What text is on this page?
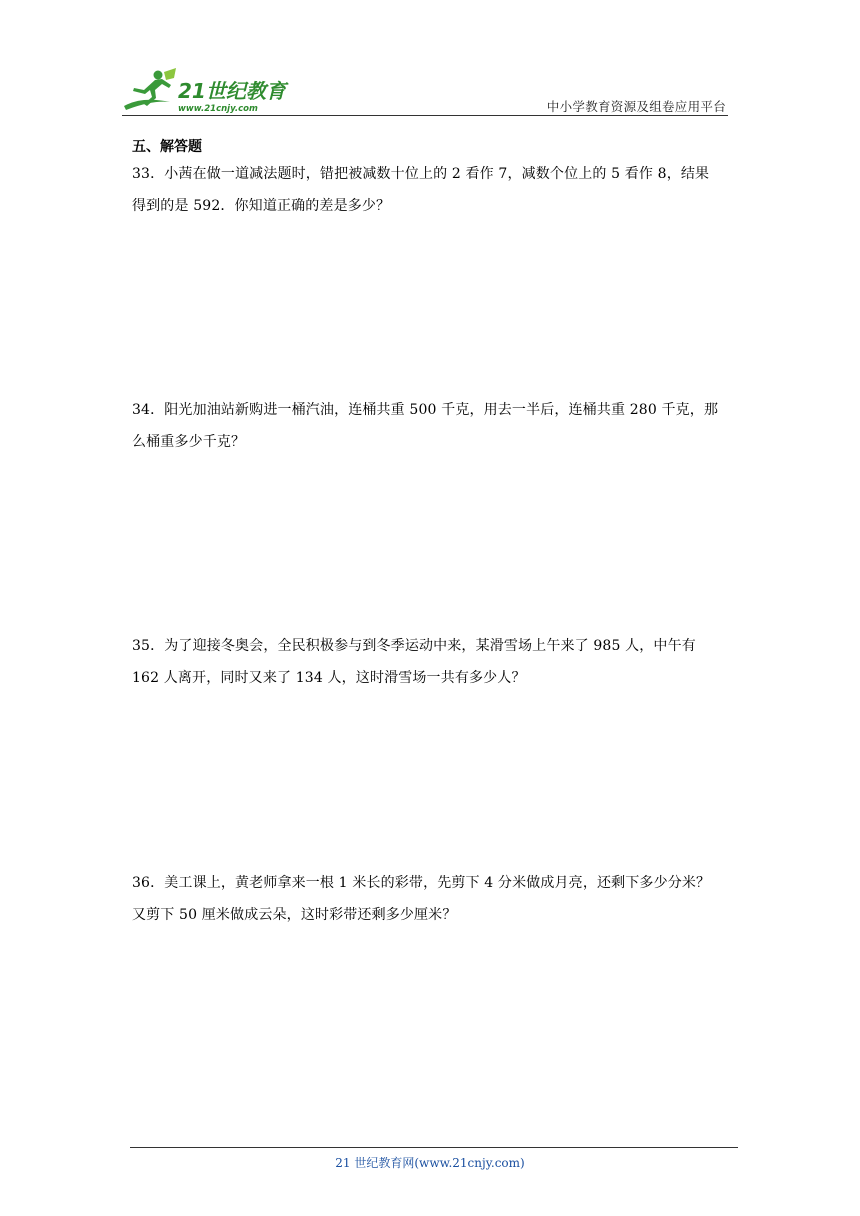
21世纪教育
www.21cnjy.com	中小学教育资源及组卷应用平台
五、解答题
33．小茜在做一道减法题时，错把被减数十位上的 2 看作 7，减数个位上的 5 看作 8，结果
得到的是 592．你知道正确的差是多少？
34．阳光加油站新购进一桶汽油，连桶共重 500 千克，用去一半后，连桶共重 280 千克，那
么桶重多少千克？
35．为了迎接冬奥会，全民积极参与到冬季运动中来，某滑雪场上午来了 985 人，中午有
162 人离开，同时又来了 134 人，这时滑雪场一共有多少人？
36．美工课上，黄老师拿来一根 1 米长的彩带，先剪下 4 分米做成月亮，还剩下多少分米？
又剪下 50 厘米做成云朵，这时彩带还剩多少厘米？
21 世纪教育网(www.21cnjy.com)
